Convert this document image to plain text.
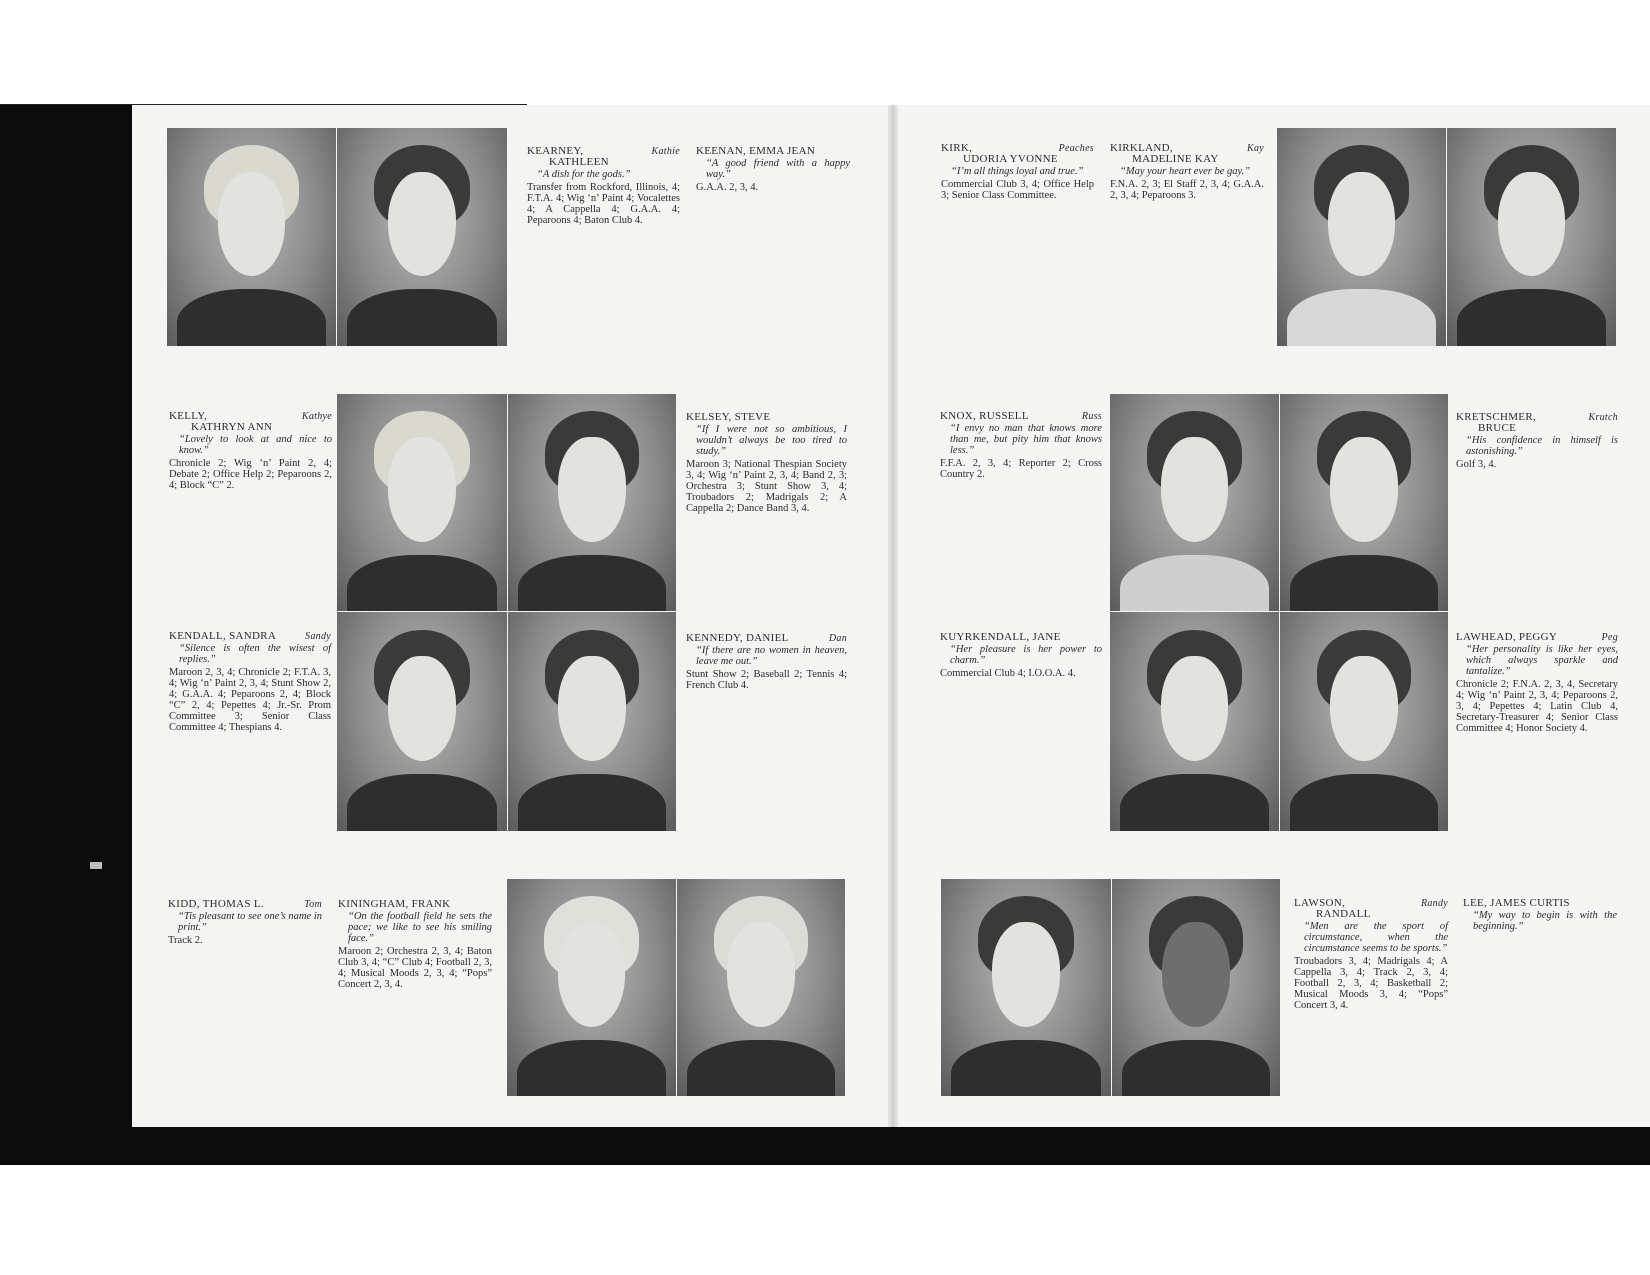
KEARNEY,	Kathie
KATHLEEN
“A dish for the gods.”
Transfer from Rockford, Illinois, 4; F.T.A. 4; Wig ‘n’ Paint 4; Vocalettes 4; A Cappella 4; G.A.A. 4; Peparoons 4; Baton Club 4.
KEENAN, EMMA JEAN
“A good friend with a happy way.”
G.A.A. 2, 3, 4.
KIRK,	Peaches
UDORIA YVONNE
“I’m all things loyal and true.”
Commercial Club 3, 4; Office Help 3; Senior Class Committee.
KIRKLAND,	Kay
MADELINE KAY
“May your heart ever be gay.”
F.N.A. 2, 3; El Staff 2, 3, 4; G.A.A. 2, 3, 4; Peparoons 3.
KELLY,	Kathye
KATHRYN ANN
“Lovely to look at and nice to know.”
Chronicle 2; Wig ‘n’ Paint 2, 4; Debate 2; Office Help 2; Peparoons 2, 4; Block “C” 2.
KELSEY, STEVE
“If I were not so ambitious, I wouldn’t always be too tired to study.”
Maroon 3; National Thespian Society 3, 4; Wig ‘n’ Paint 2, 3, 4; Band 2, 3; Orchestra 3; Stunt Show 3, 4; Troubadors 2; Madrigals 2; A Cappella 2; Dance Band 3, 4.
KNOX, RUSSELL	Russ
“I envy no man that knows more than me, but pity him that knows less.”
F.F.A. 2, 3, 4; Reporter 2; Cross Country 2.
KRETSCHMER,	Krutch
BRUCE
“His confidence in himself is astonishing.”
Golf 3, 4.
KENDALL, SANDRA	Sandy
“Silence is often the wisest of replies.”
Maroon 2, 3, 4; Chronicle 2; F.T.A. 3, 4; Wig ‘n’ Paint 2, 3, 4; Stunt Show 2, 4; G.A.A. 4; Peparoons 2, 4; Block “C” 2, 4; Pepettes 4; Jr.-Sr. Prom Committee 3; Senior Class Committee 4; Thespians 4.
KENNEDY, DANIEL	Dan
“If there are no women in heaven, leave me out.”
Stunt Show 2; Baseball 2; Tennis 4; French Club 4.
KUYRKENDALL, JANE
“Her pleasure is her power to charm.”
Commercial Club 4; I.O.O.A. 4.
LAWHEAD, PEGGY	Peg
“Her personality is like her eyes, which always sparkle and tantalize.”
Chronicle 2; F.N.A. 2, 3, 4, Secretary 4; Wig ‘n’ Paint 2, 3, 4; Peparoons 2, 3, 4; Pepettes 4; Latin Club 4, Secretary-Treasurer 4; Senior Class Committee 4; Honor Society 4.
KIDD, THOMAS L.	Tom
“Tis pleasant to see one’s name in print.”
Track 2.
KININGHAM, FRANK
“On the football field he sets the pace; we like to see his smiling face.”
Maroon 2; Orchestra 2, 3, 4; Baton Club 3, 4; “C” Club 4; Football 2, 3, 4; Musical Moods 2, 3, 4; “Pops” Concert 2, 3, 4.
LAWSON,	Randy
RANDALL
“Men are the sport of circumstance, when the circumstance seems to be sports.”
Troubadors 3, 4; Madrigals 4; A Cappella 3, 4; Track 2, 3, 4; Football 2, 3, 4; Basketball 2; Musical Moods 3, 4; “Pops” Concert 3, 4.
LEE, JAMES CURTIS
“My way to begin is with the beginning.”
